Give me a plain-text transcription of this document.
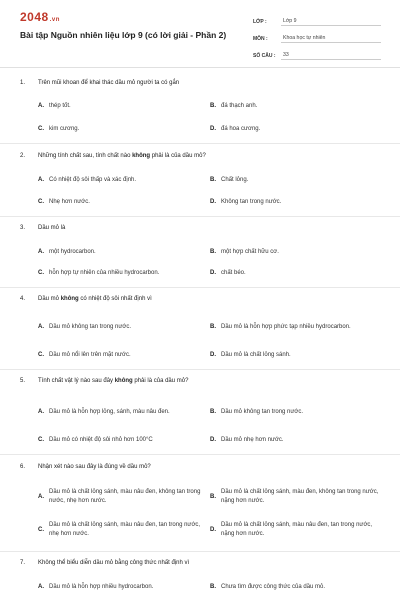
2048.vn
Bài tập Nguồn nhiên liệu lớp 9 (có lời giải - Phần 2)
LỚP :	Lớp 9
MÔN :	Khoa học tự nhiên
SỐ CÂU :	33
1. Trên mũi khoan để khai thác dầu mỏ người ta có gắn
A. thép tốt.	B. đá thạch anh.
C. kim cương.	D. đá hoa cương.
2. Những tính chất sau, tính chất nào không phải là của dầu mỏ?
A. Có nhiệt độ sôi thấp và xác định.	B. Chất lỏng.
C. Nhẹ hơn nước.	D. Không tan trong nước.
3. Dầu mỏ là
A. một hydrocarbon.	B. một hợp chất hữu cơ.
C. hỗn hợp tự nhiên của nhiều hydrocarbon.	D. chất béo.
4. Dầu mỏ không có nhiệt độ sôi nhất định vì
A. Dầu mỏ không tan trong nước.	B. Dầu mỏ là hỗn hợp phức tạp nhiều hydrocarbon.
C. Dầu mỏ nổi lên trên mặt nước.	D. Dầu mỏ là chất lỏng sánh.
5. Tính chất vật lý nào sau đây không phải là của dầu mỏ?
A. Dầu mỏ là hỗn hợp lỏng, sánh, màu nâu đen.	B. Dầu mỏ không tan trong nước.
C. Dầu mỏ có nhiệt độ sôi nhỏ hơn 100°C	D. Dầu mỏ nhẹ hơn nước.
6. Nhận xét nào sau đây là đúng về dầu mỏ?
A.
Dầu mỏ là chất lỏng sánh, màu nâu đen, không tan trong nước, nhẹ hơn nước.
B.
Dầu mỏ là chất lỏng sánh, màu đen, không tan trong nước, nặng hơn nước.
C.
Dầu mỏ là chất lỏng sánh, màu nâu đen, tan trong nước, nhẹ hơn nước.
D.
Dầu mỏ là chất lỏng sánh, màu nâu đen, tan trong nước, nặng hơn nước.
7. Không thể biểu diễn dầu mỏ bằng công thức nhất định vì
A. Dầu mỏ là hỗn hợp nhiều hydrocarbon.	B. Chưa tìm được công thức của dầu mỏ.
